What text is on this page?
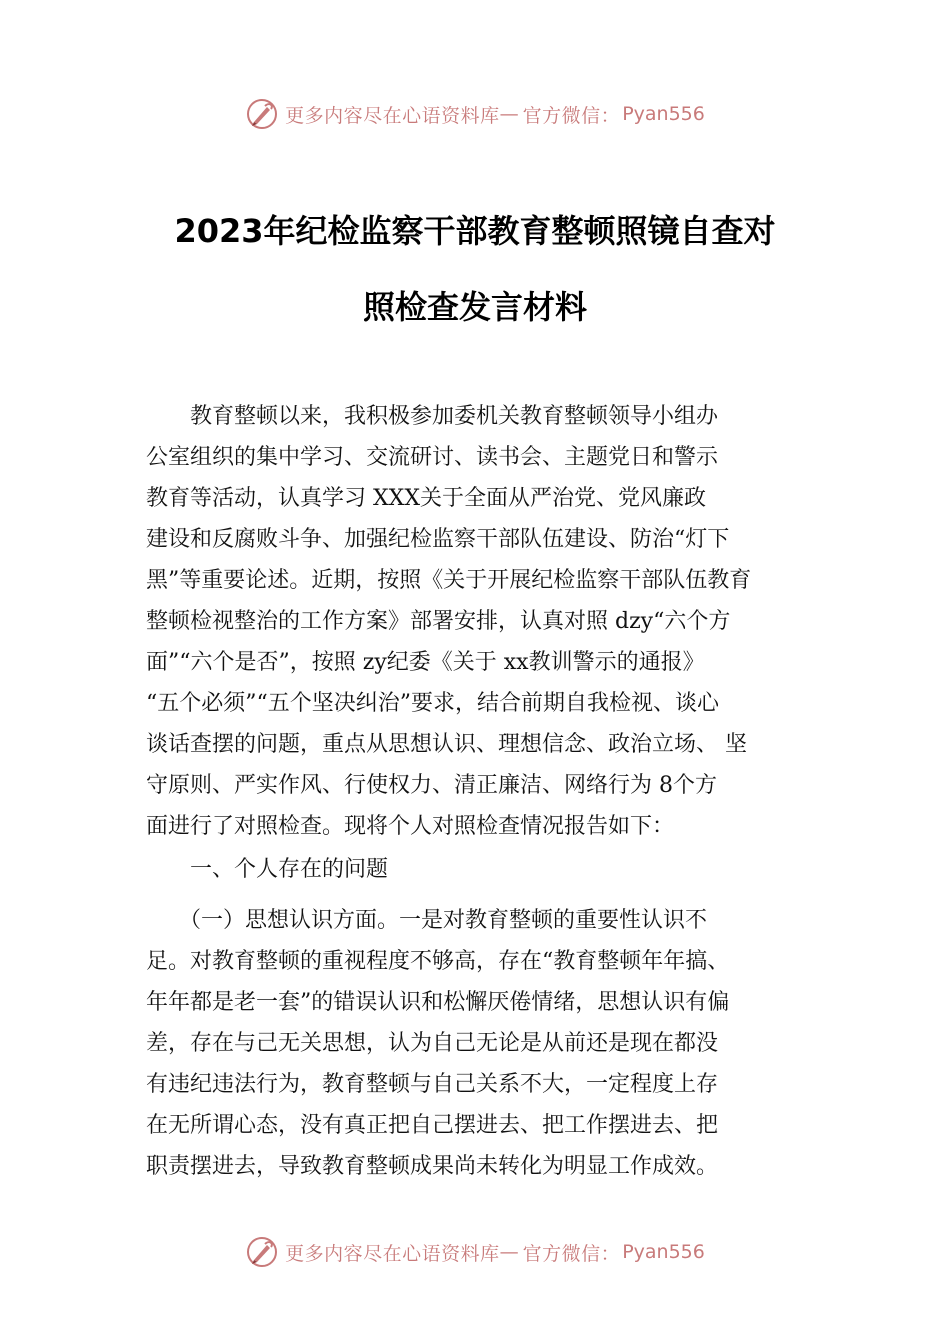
更多内容尽在心语资料库 — 官方微信： Pyan556
2023年纪检监察干部教育整顿照镜自查对
照检查发言材料
　　教育整顿以来，我积极参加委机关教育整顿领导小组办
公室组织的集中学习、交流研讨、读书会、主题党日和警示
教育等活动，认真学习 XXX关于全面从严治党、党风廉政
建设和反腐败斗争、加强纪检监察干部队伍建设、防治“灯下
黑”等重要论述。近期，按照《关于开展纪检监察干部队伍教育
整顿检视整治的工作方案》部署安排，认真对照 dzy“六个方
面”“六个是否”，按照 zy纪委《关于 xx教训警示的通报》
“五个必须”“五个坚决纠治”要求，结合前期自我检视、谈心
谈话查摆的问题，重点从思想认识、理想信念、政治立场、 坚
守原则、严实作风、行使权力、清正廉洁、网络行为 8个方
面进行了对照检查。现将个人对照检查情况报告如下：
　　一、个人存在的问题
　　（一）思想认识方面。一是对教育整顿的重要性认识不
足。对教育整顿的重视程度不够高，存在“教育整顿年年搞、
年年都是老一套”的错误认识和松懈厌倦情绪，思想认识有偏
差，存在与己无关思想，认为自己无论是从前还是现在都没
有违纪违法行为，教育整顿与自己关系不大，一定程度上存
在无所谓心态，没有真正把自己摆进去、把工作摆进去、把
职责摆进去，导致教育整顿成果尚未转化为明显工作成效。
更多内容尽在心语资料库 — 官方微信： Pyan556
